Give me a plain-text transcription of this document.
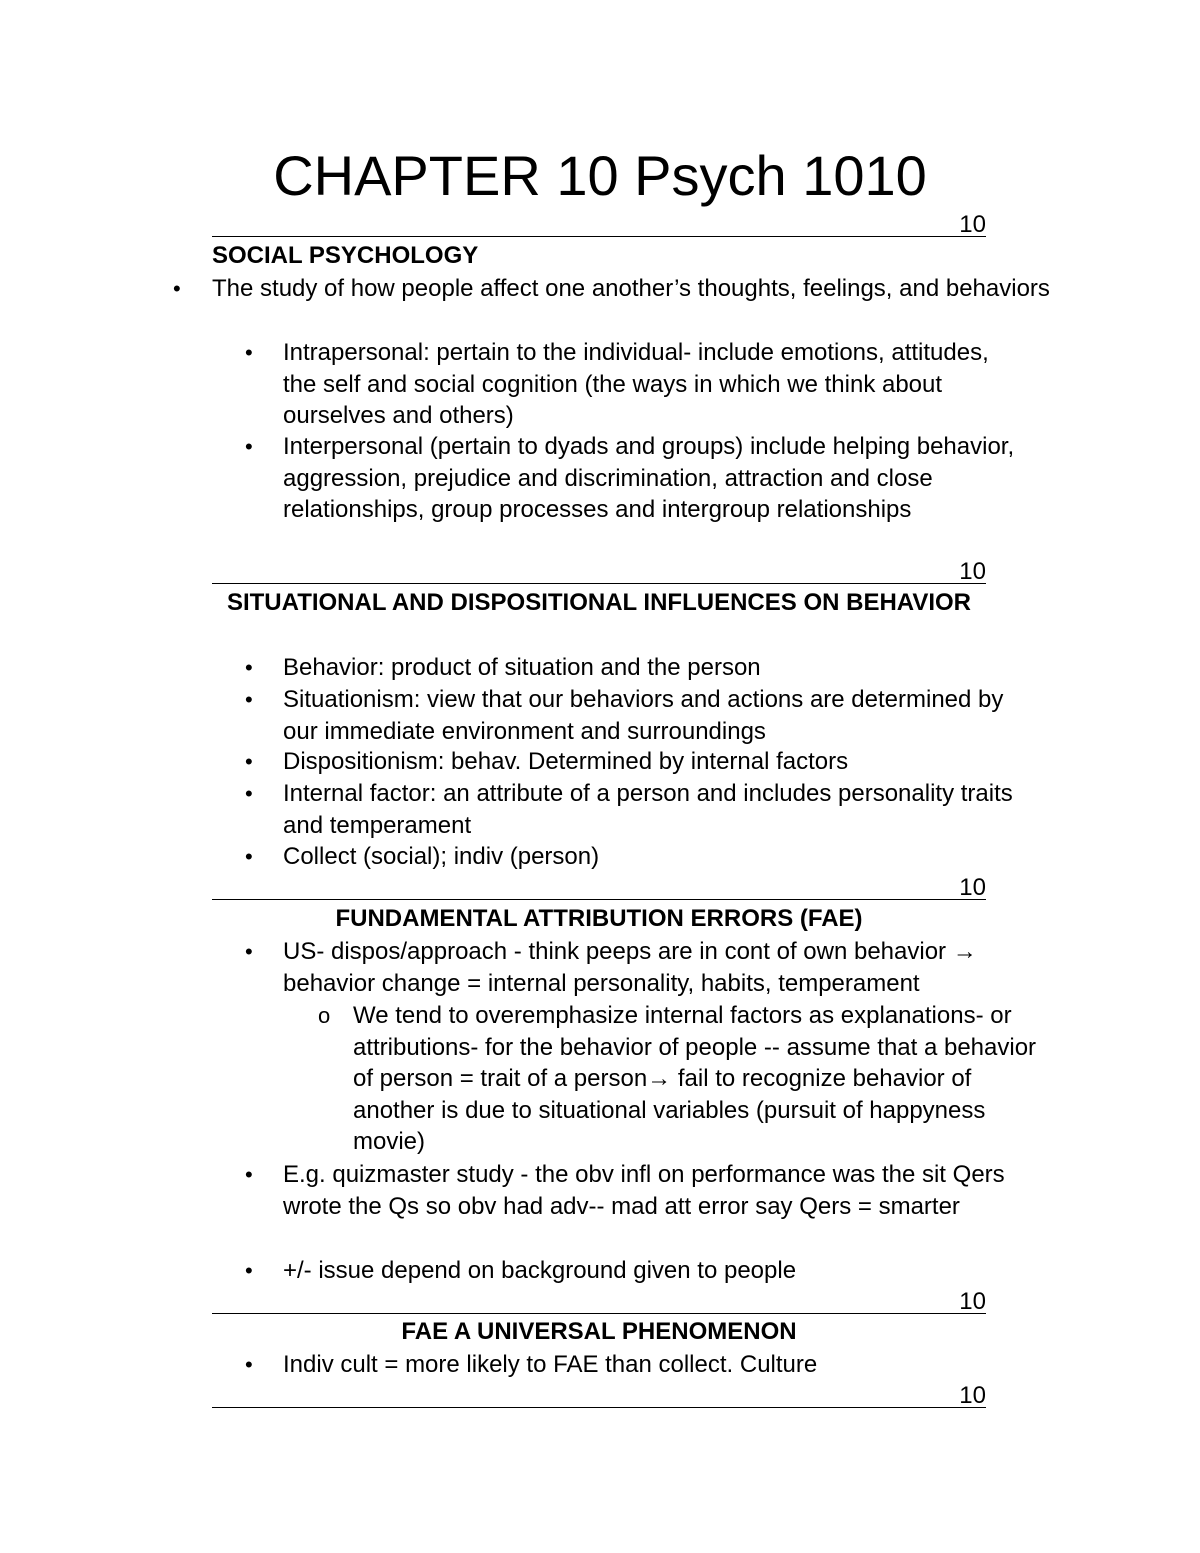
CHAPTER 10 Psych 1010
10
SOCIAL PSYCHOLOGY
• The study of how people affect one another’s thoughts, feelings, and behaviors
• Intrapersonal: pertain to the individual- include emotions, attitudes, the self and social cognition (the ways in which we think about ourselves and others)
• Interpersonal (pertain to dyads and groups) include helping behavior, aggression, prejudice and discrimination, attraction and close relationships, group processes and intergroup relationships
10
SITUATIONAL AND DISPOSITIONAL INFLUENCES ON BEHAVIOR
• Behavior: product of situation and the person
• Situationism: view that our behaviors and actions are determined by our immediate environment and surroundings
• Dispositionism: behav. Determined by internal factors
• Internal factor: an attribute of a person and includes personality traits and temperament
• Collect (social); indiv (person)
10
FUNDAMENTAL ATTRIBUTION ERRORS (FAE)
• US- dispos/approach - think peeps are in cont of own behavior → behavior change = internal personality, habits, temperament
o We tend to overemphasize internal factors as explanations- or attributions- for the behavior of people -- assume that a behavior of person = trait of a person→ fail to recognize behavior of another is due to situational variables (pursuit of happyness movie)
• E.g. quizmaster study - the obv infl on performance was the sit Qers wrote the Qs so obv had adv-- mad att error say Qers = smarter
• +/- issue depend on background given to people
10
FAE A UNIVERSAL PHENOMENON
• Indiv cult = more likely to FAE than collect. Culture
10
